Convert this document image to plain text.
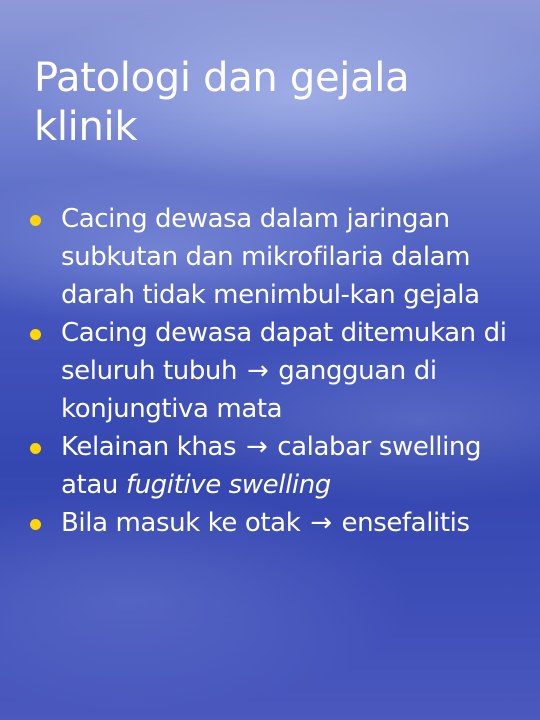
Patologi dan gejala klinik
Cacing dewasa dalam jaringan subkutan dan mikrofilaria dalam darah tidak menimbul-kan gejala
Cacing dewasa dapat ditemukan di seluruh tubuh → gangguan di konjungtiva mata
Kelainan khas → calabar swelling atau fugitive swelling
Bila masuk ke otak → ensefalitis
